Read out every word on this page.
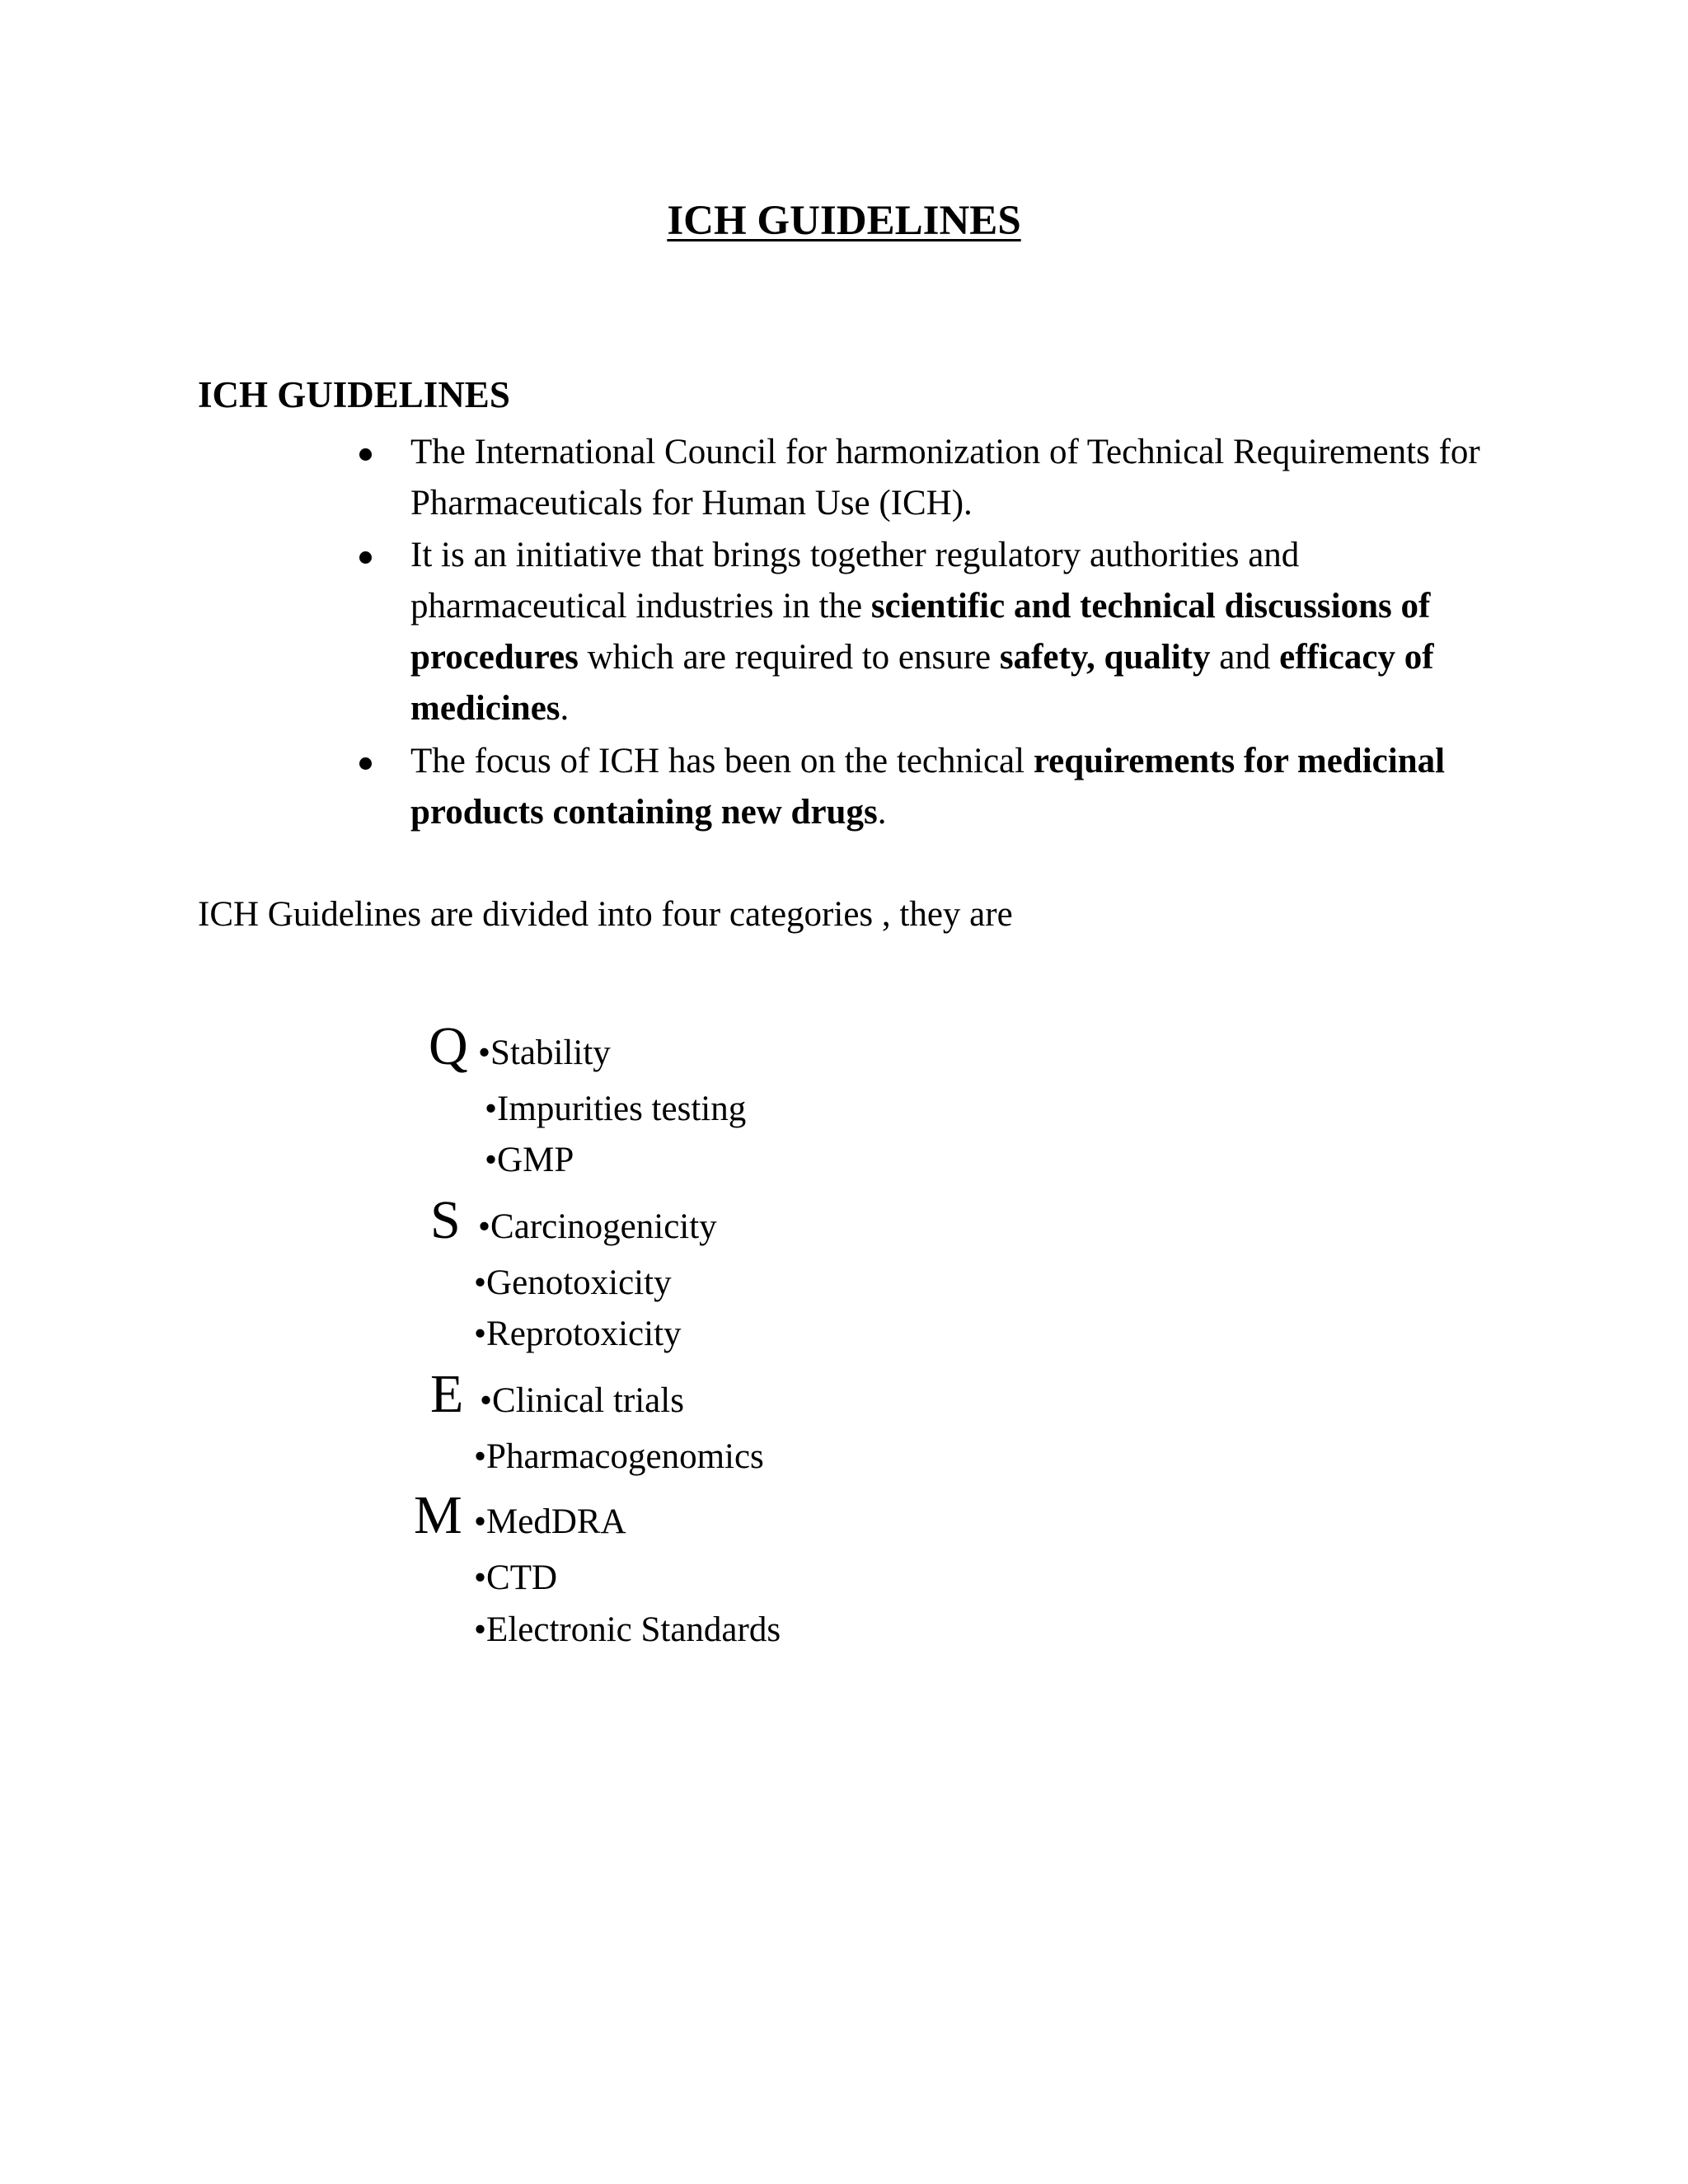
ICH GUIDELINES
ICH GUIDELINES
The International Council for harmonization of Technical Requirements for Pharmaceuticals for Human Use (ICH).
It is an initiative that brings together regulatory authorities and pharmaceutical industries in the scientific and technical discussions of procedures which are required to ensure safety, quality and efficacy of medicines.
The focus of ICH has been on the technical requirements for medicinal products containing new drugs.
ICH Guidelines are divided into four categories , they are
Q •Stability
•Impurities testing
•GMP
S •Carcinogenicity
•Genotoxicity
•Reprotoxicity
E •Clinical trials
•Pharmacogenomics
M •MedDRA
•CTD
•Electronic Standards
